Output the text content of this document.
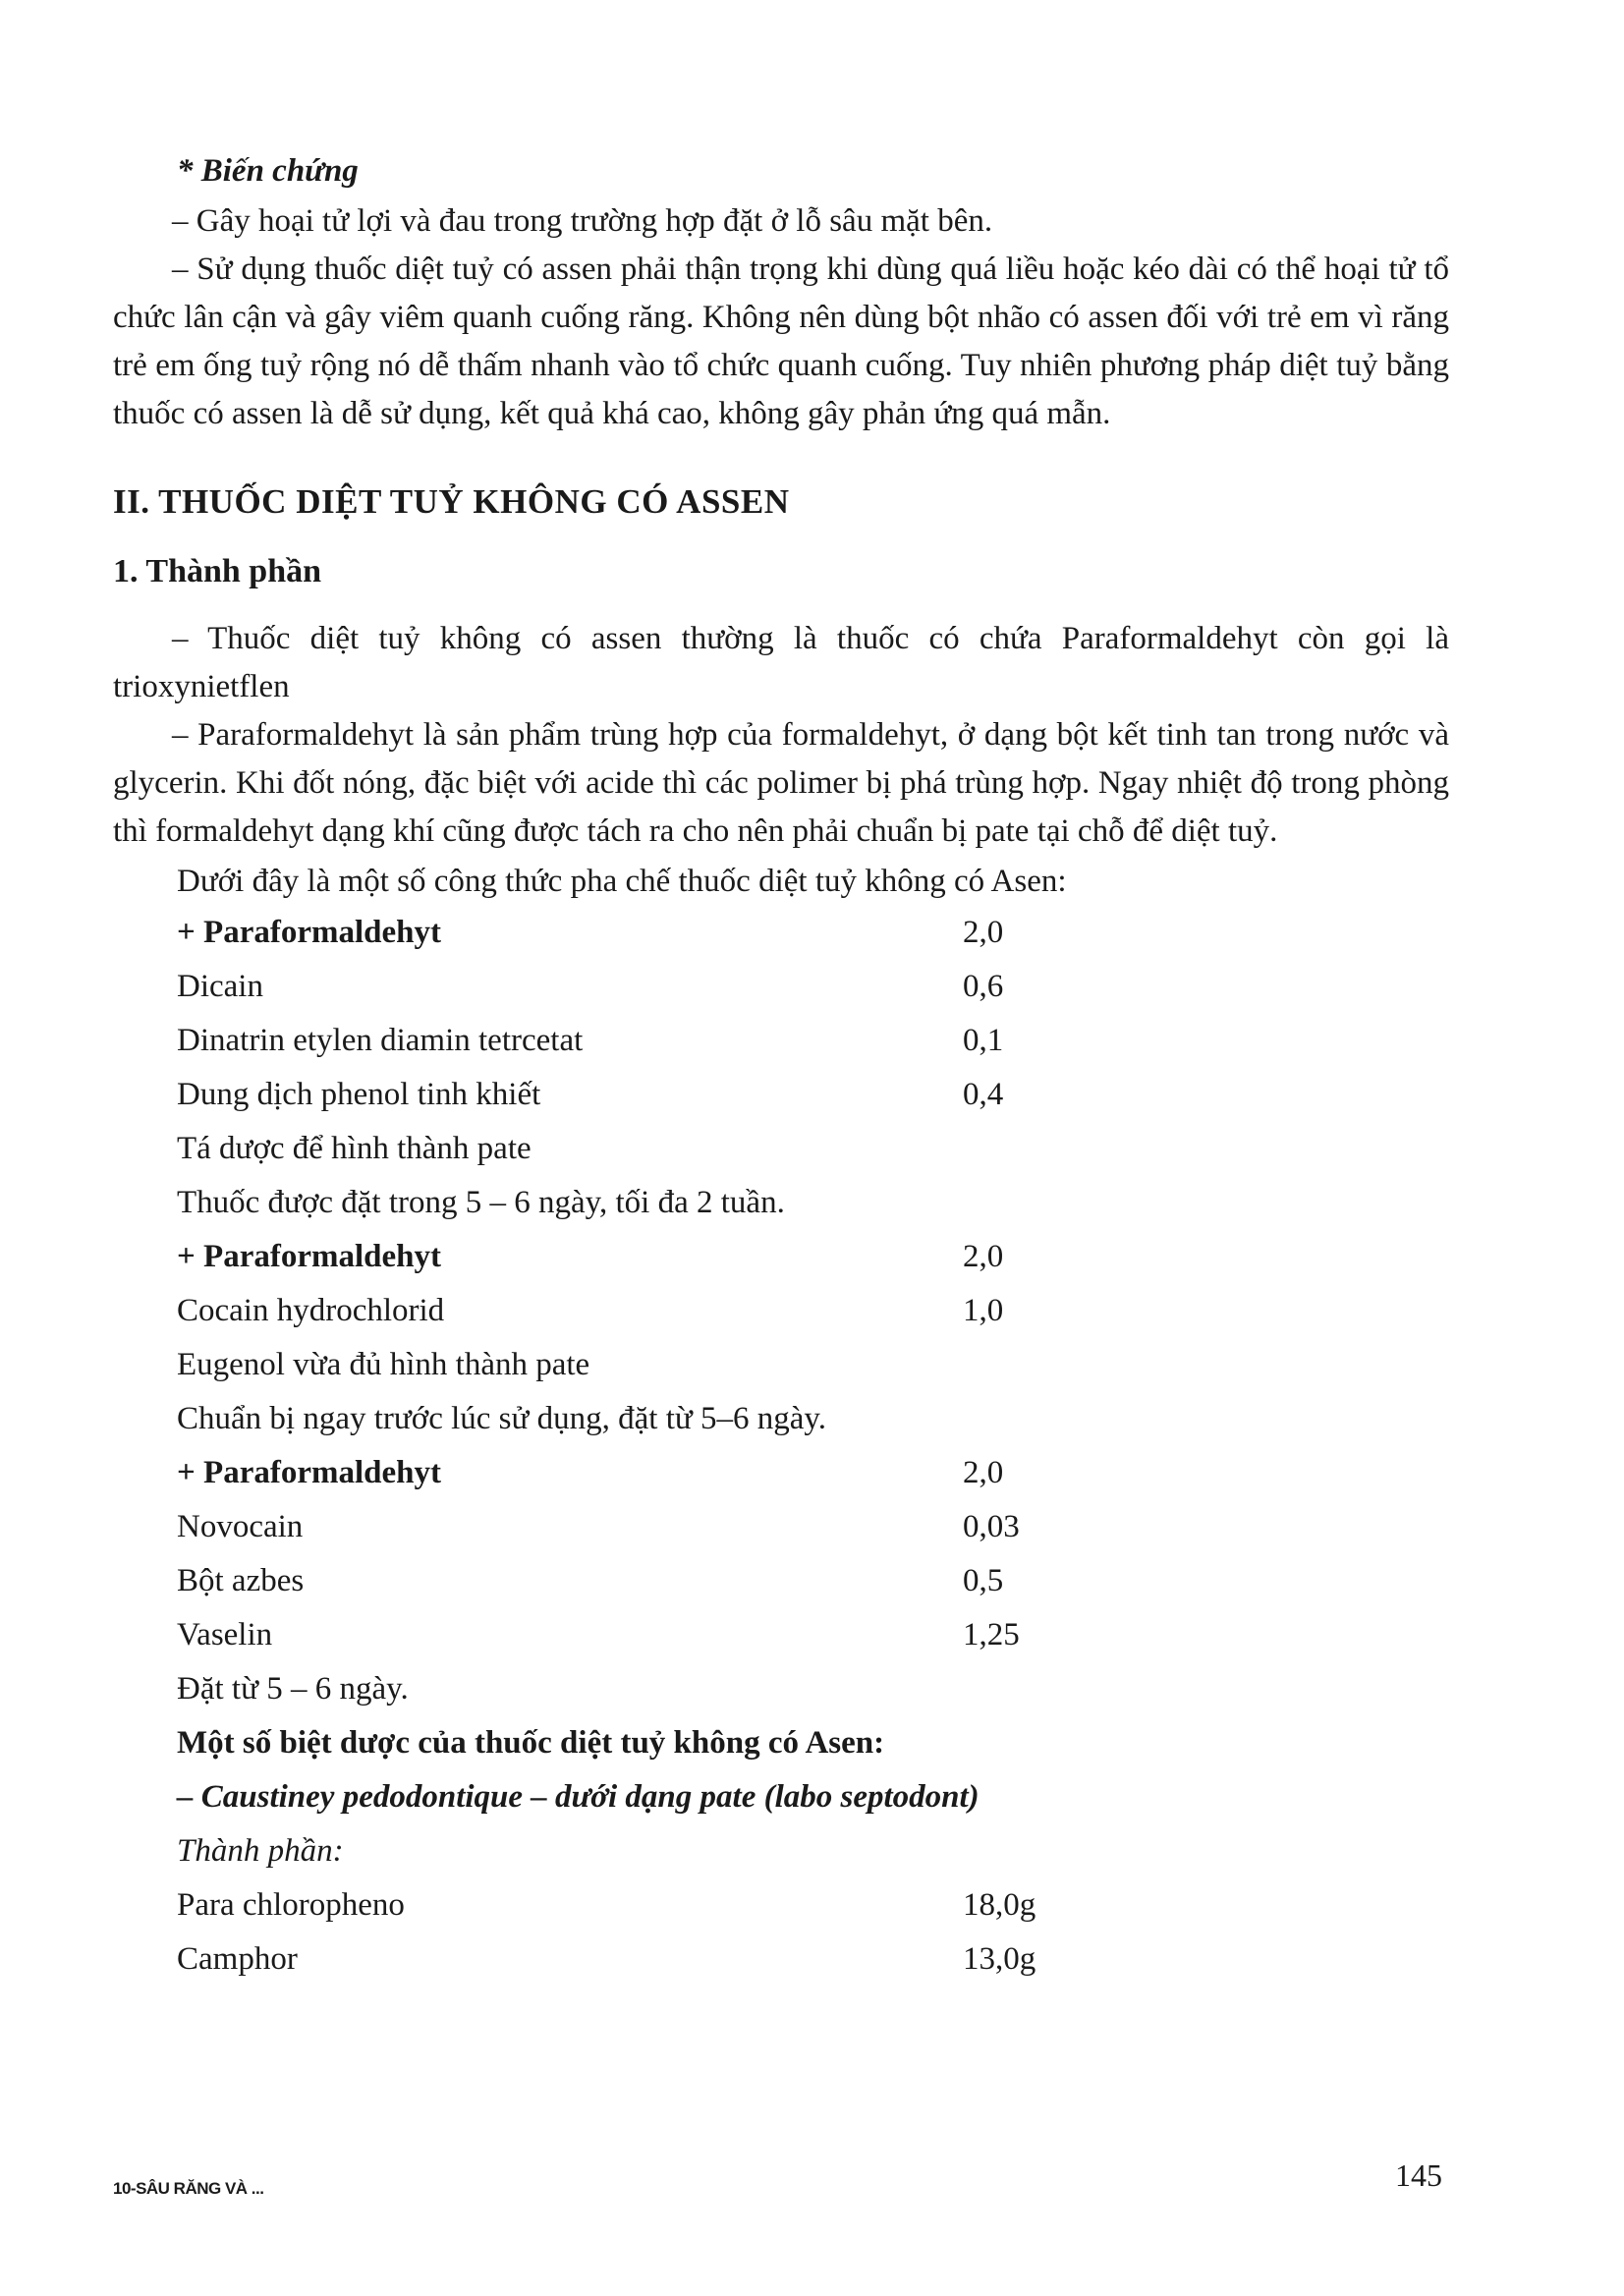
* Biến chứng

– Gây hoại tử lợi và đau trong trường hợp đặt ở lỗ sâu mặt bên.

– Sử dụng thuốc diệt tuỷ có assen phải thận trọng khi dùng quá liều hoặc kéo dài có thể hoại tử tổ chức lân cận và gây viêm quanh cuống răng. Không nên dùng bột nhão có assen đối với trẻ em vì răng trẻ em ống tuỷ rộng nó dễ thấm nhanh vào tổ chức quanh cuống. Tuy nhiên phương pháp diệt tuỷ bằng thuốc có assen là dễ sử dụng, kết quả khá cao, không gây phản ứng quá mẫn.

II. THUỐC DIỆT TUỶ KHÔNG CÓ ASSEN
1. Thành phần

– Thuốc diệt tuỷ không có assen thường là thuốc có chứa Paraformaldehyt còn gọi là trioxynietflen

– Paraformaldehyt là sản phẩm trùng hợp của formaldehyt, ở dạng bột kết tinh tan trong nước và glycerin. Khi đốt nóng, đặc biệt với acide thì các polimer bị phá trùng hợp. Ngay nhiệt độ trong phòng thì formaldehyt dạng khí cũng được tách ra cho nên phải chuẩn bị pate tại chỗ để diệt tuỷ.

Dưới đây là một số công thức pha chế thuốc diệt tuỷ không có Asen:
+ Paraformaldehyt	2,0
Dicain	0,6
Dinatrin etylen diamin tetrcetat	0,1
Dung dịch phenol tinh khiết	0,4
Tá dược để hình thành pate
Thuốc được đặt trong 5 – 6 ngày, tối đa 2 tuần.
+ Paraformaldehyt	2,0
Cocain hydrochlorid	1,0
Eugenol vừa đủ hình thành pate
Chuẩn bị ngay trước lúc sử dụng, đặt từ 5–6 ngày.
+ Paraformaldehyt	2,0
Novocain	0,03
Bột azbes	0,5
Vaselin	1,25
Đặt từ 5 – 6 ngày.
Một số biệt dược của thuốc diệt tuỷ không có Asen:
– Caustiney pedodontique – dưới dạng pate (labo septodont)
Thành phần:
Para chloropheno	18,0g
Camphor	13,0g
10-SÂU RĂNG VÀ ...	145
